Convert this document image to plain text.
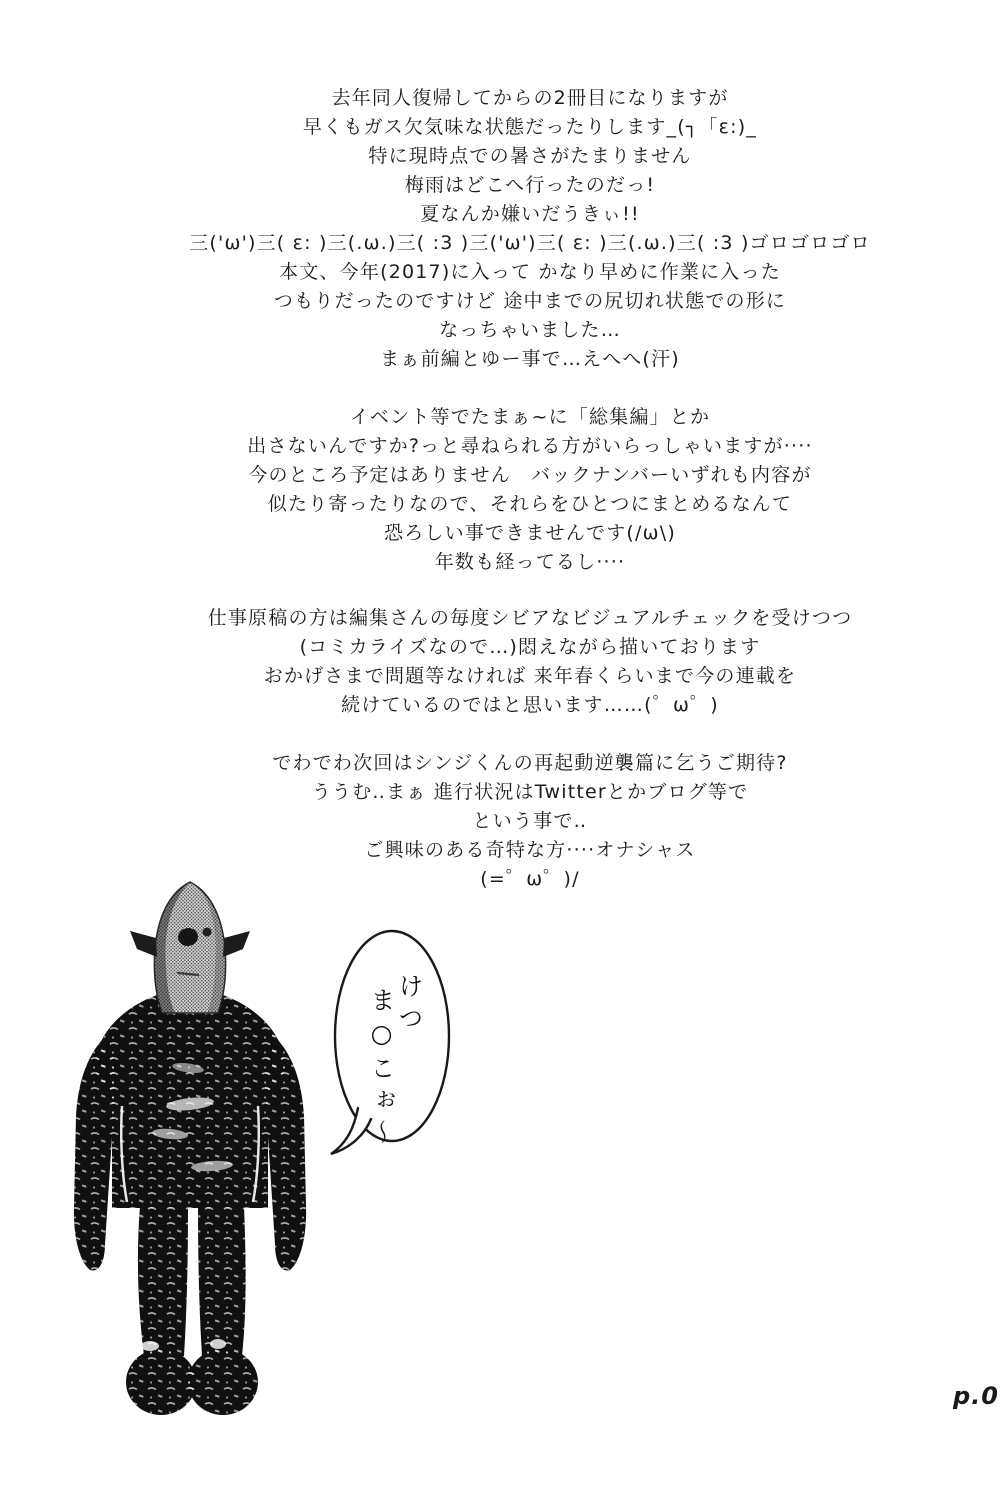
去年同人復帰してからの2冊目になりますが
早くもガス欠気味な状態だったりします_(┐「ε:)_
特に現時点での暑さがたまりません
梅雨はどこへ行ったのだっ!
夏なんか嫌いだうきぃ!!
三('ω')三( ε: )三(.ω.)三( :3 )三('ω')三( ε: )三(.ω.)三( :3 )ゴロゴロゴロ
本文、今年(2017)に入って かなり早めに作業に入った
つもりだったのですけど 途中までの尻切れ状態での形に
なっちゃいました…
まぁ前編とゆー事で…えへへ(汗)
イベント等でたまぁ~に「総集編」とか
出さないんですか?っと尋ねられる方がいらっしゃいますが····
今のところ予定はありません　バックナンバーいずれも内容が
似たり寄ったりなので、それらをひとつにまとめるなんて
恐ろしい事できませんです(/ω\)
年数も経ってるし····
仕事原稿の方は編集さんの毎度シビアなビジュアルチェックを受けつつ
(コミカライズなので…)悶えながら描いております
おかげさまで問題等なければ 来年春くらいまで今の連載を
続けているのではと思います……(゜ω゜)
でわでわ次回はシンジくんの再起動逆襲篇に乞うご期待?
ううむ‥まぁ 進行状況はTwitterとかブログ等で
という事で‥
ご興味のある奇特な方····オナシャス
(=゜ω゜)/
けつ
ま○こぉ〜
p.0
